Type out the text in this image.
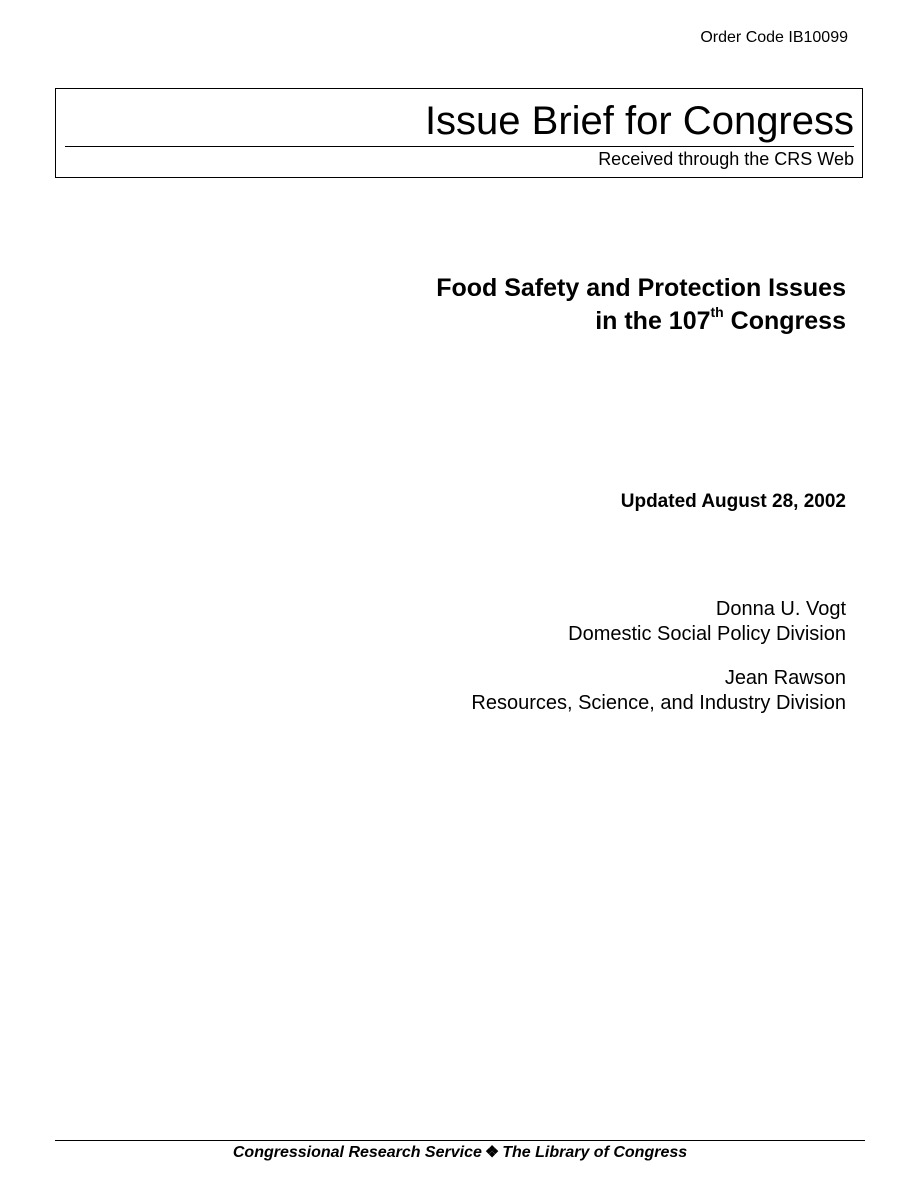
Order Code IB10099
Issue Brief for Congress
Received through the CRS Web
Food Safety and Protection Issues
in the 107th Congress
Updated August 28, 2002
Donna U. Vogt
Domestic Social Policy Division
Jean Rawson
Resources, Science, and Industry Division
Congressional Research Service ❖ The Library of Congress
